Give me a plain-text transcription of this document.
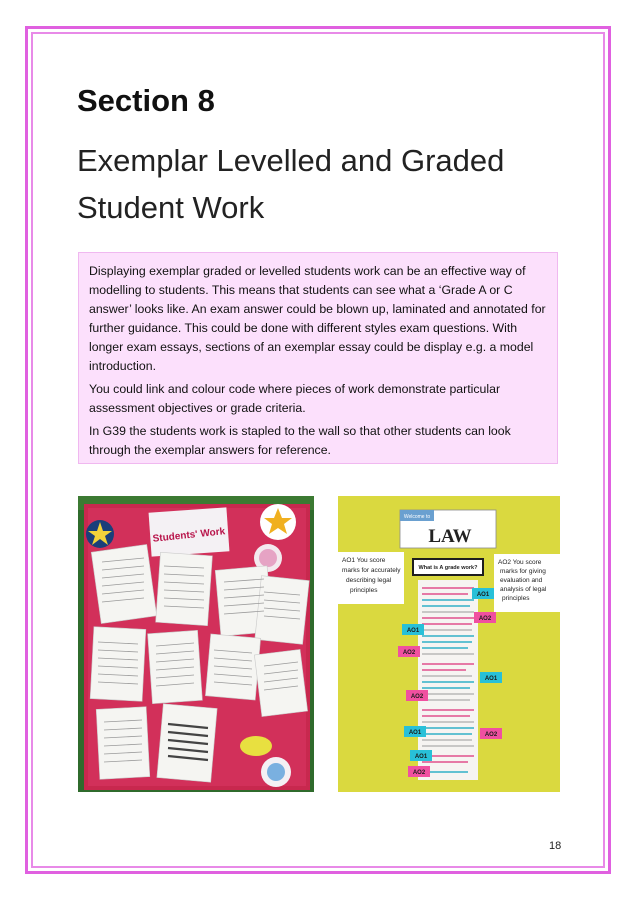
Section 8
Exemplar Levelled and Graded Student Work

Displaying exemplar graded or levelled students work can be an effective way of modelling to students. This means that students can see what a ‘Grade A or C answer’ looks like. An exam answer could be blown up, laminated and annotated for further guidance. This could be done with different styles exam questions. With longer exam essays, sections of an exemplar essay could be display e.g. a model introduction.

You could link and colour code where pieces of work demonstrate particular assessment objectives or grade criteria.

In G39 the students work is stapled to the wall so that other students can look through the exemplar answers for reference.

Students' Work
Welcome to
LAW
AO1 You score marks for accurately describing legal principles
AO2 You score marks for giving evaluation and analysis of legal principles
What is A grade work?
AO1
AO2
AO1
AO2
AO1
AO2
AO1	AO2
AO1
AO2
18
